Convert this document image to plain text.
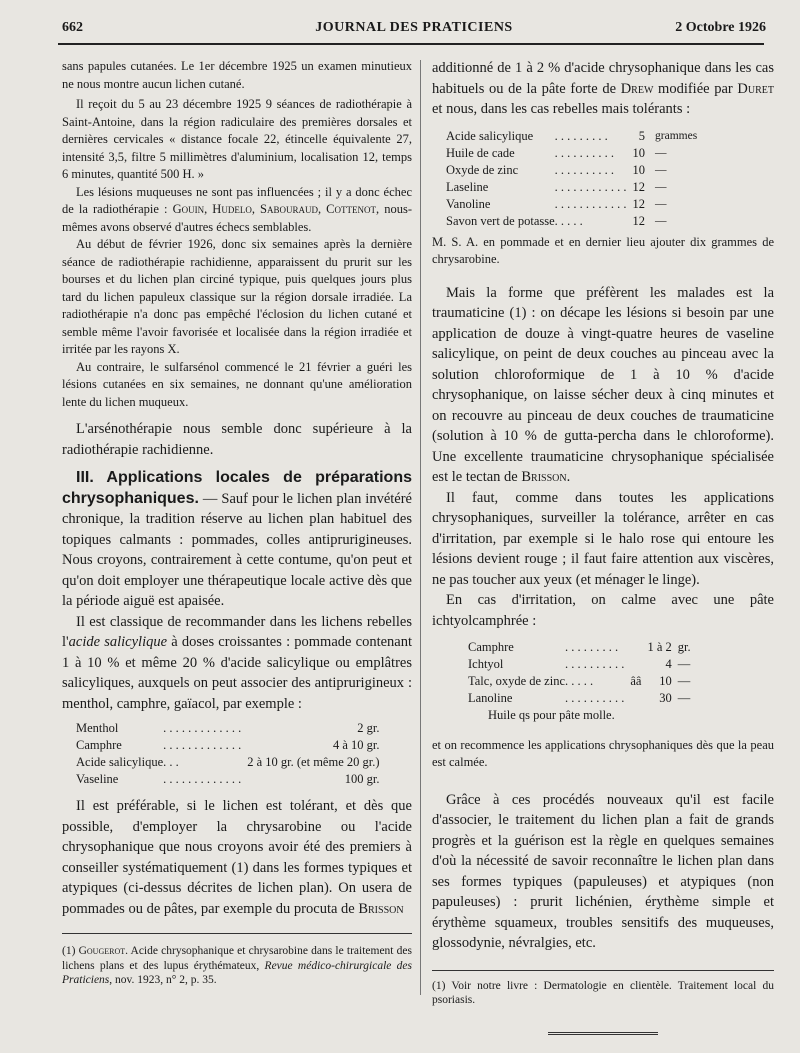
662	JOURNAL DES PRATICIENS	2 Octobre 1926

sans papules cutanées. Le 1er décembre 1925 un examen minutieux ne nous montre aucun lichen cutané.

Il reçoit du 5 au 23 décembre 1925 9 séances de radiothérapie à Saint-Antoine, dans la région radiculaire des premières dorsales et dernières cervicales « distance focale 22, étincelle équivalente 27, intensité 3,5, filtre 5 millimètres d'aluminium, localisation 12, temps 6 minutes, quantité 500 H. »

Les lésions muqueuses ne sont pas influencées ; il y a donc échec de la radiothérapie : Gouin, Hudelo, Sabouraud, Cottenot, nous-mêmes avons observé d'autres échecs semblables.

Au début de février 1926, donc six semaines après la dernière séance de radiothérapie rachidienne, apparaissent du prurit sur les bourses et du lichen plan circiné typique, puis quelques jours plus tard du lichen papuleux classique sur la région dorsale irradiée. La radiothérapie n'a donc pas empêché l'éclosion du lichen cutané et semble même l'avoir favorisée et localisée dans la région irradiée et irritée par les rayons X.

Au contraire, le sulfarsénol commencé le 21 février a guéri les lésions cutanées en six semaines, ne donnant qu'une amélioration lente du lichen muqueux.

L'arsénothérapie nous semble donc supérieure à la radiothérapie rachidienne.

III. Applications locales de préparations chrysophaniques. — Sauf pour le lichen plan invétéré chronique, la tradition réserve au lichen plan habituel des topiques calmants : pommades, colles antiprurigineuses. Nous croyons, contrairement à cette contume, qu'on peut et qu'on doit employer une thérapeutique locale active dès que la période aiguë est apaisée.

Il est classique de recommander dans les lichens rebelles l'acide salicylique à doses croissantes : pommade contenant 1 à 10 % et même 20 % d'acide salicylique ou emplâtres salicyliques, auxquels on peut associer des antiprurigineux : menthol, camphre, gaïacol, par exemple :

Menthol	. . . . . . . . . . . . .	2 gr.
Camphre	. . . . . . . . . . . . .	4 à 10 gr.
Acide salicylique	. . .	2 à 10 gr. (et même 20 gr.)
Vaseline	. . . . . . . . . . . . .	100 gr.

Il est préférable, si le lichen est tolérant, et dès que possible, d'employer la chrysarobine ou l'acide chrysophanique que nous croyons avoir été des premiers à conseiller systématiquement (1) dans les formes typiques et atypiques (ci-dessus décrites de lichen plan). On usera de pommades ou de pâtes, par exemple du procuta de Brisson

(1) Gougerot. Acide chrysophanique et chrysarobine dans le traitement des lichens plans et des lupus érythémateux, Revue médico-chirurgicale des Praticiens, nov. 1923, n° 2, p. 35.

additionné de 1 à 2 % d'acide chrysophanique dans les cas habituels ou de la pâte forte de Drew modifiée par Duret et nous, dans les cas rebelles mais tolérants :

Acide salicylique	. . . . . . . . .	5	grammes
Huile de cade	. . . . . . . . . .	10	—
Oxyde de zinc	. . . . . . . . . .	10	—
Laseline	. . . . . . . . . . . .	12	—
Vanoline	. . . . . . . . . . . .	12	—
Savon vert de potasse	. . . . .	12	—

M. S. A. en pommade et en dernier lieu ajouter dix grammes de chrysarobine.

Mais la forme que préfèrent les malades est la traumaticine (1) : on décape les lésions si besoin par une application de douze à vingt-quatre heures de vaseline salicylique, on peint de deux couches au pinceau avec la solution chloroformique de 1 à 10 % d'acide chrysophanique, on laisse sécher deux à cinq minutes et on recouvre au pinceau de deux couches de traumaticine (solution à 10 % de gutta-percha dans le chloroforme). Une excellente traumaticine chrysophanique spécialisée est le tectan de Brisson.

Il faut, comme dans toutes les applications chrysophaniques, surveiller la tolérance, arrêter en cas d'irritation, par exemple si le halo rose qui entoure les lésions devient rouge ; il faut faire attention aux viscères, ne pas toucher aux yeux (et ménager le linge).

En cas d'irritation, on calme avec une pâte ichtyolcamphrée :

Camphre	. . . . . . . . .		1 à 2	gr.
Ichtyol	. . . . . . . . . .		4	—
Talc, oxyde de zinc	. . . . .	ââ	10	—
Lanoline	. . . . . . . . . .		30	—

Huile qs pour pâte molle.

et on recommence les applications chrysophaniques dès que la peau est calmée.

Grâce à ces procédés nouveaux qu'il est facile d'associer, le traitement du lichen plan a fait de grands progrès et la guérison est la règle en quelques semaines d'où la nécessité de savoir reconnaître le lichen plan dans ses formes typiques (papuleuses) et atypiques (non papuleuses) : prurit lichénien, érythème simple et érythème squameux, troubles sensitifs des muqueuses, glossodynie, névralgies, etc.

(1) Voir notre livre : Dermatologie en clientèle. Traitement local du psoriasis.
